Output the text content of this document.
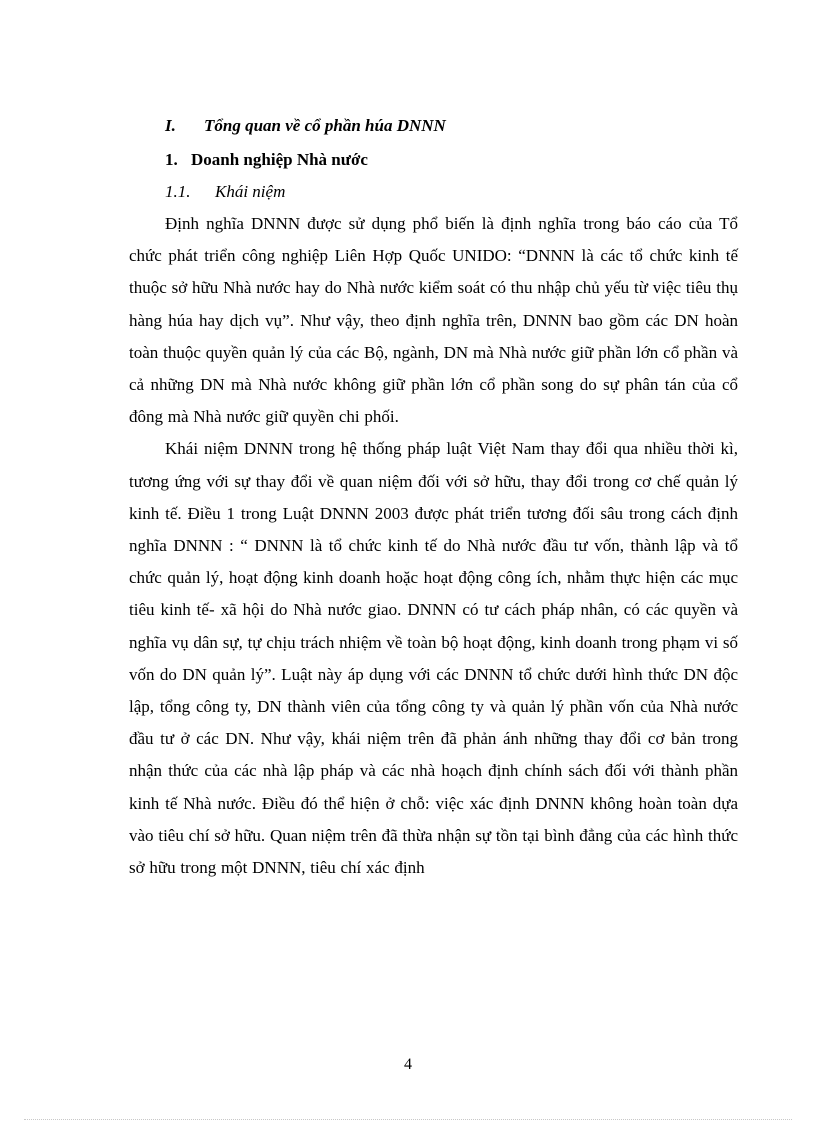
I. Tổng quan về cổ phần húa DNNN
1. Doanh nghiệp Nhà nước
1.1. Khái niệm

Định nghĩa DNNN được sử dụng phổ biến là định nghĩa trong báo cáo của Tổ chức phát triển công nghiệp Liên Hợp Quốc UNIDO: “DNNN là các tổ chức kinh tế thuộc sở hữu Nhà nước hay do Nhà nước kiểm soát có thu nhập chủ yếu từ việc tiêu thụ hàng húa hay dịch vụ”. Như vậy, theo định nghĩa trên, DNNN bao gồm các DN hoàn toàn thuộc quyền quản lý của các Bộ, ngành, DN mà Nhà nước giữ phần lớn cổ phần và cả những DN mà Nhà nước không giữ phần lớn cổ phần song do sự phân tán của cổ đông mà Nhà nước giữ quyền chi phối.

Khái niệm DNNN trong hệ thống pháp luật Việt Nam thay đổi qua nhiều thời kì, tương ứng với sự thay đổi về quan niệm đối với sở hữu, thay đổi trong cơ chế quản lý kinh tế. Điều 1 trong Luật DNNN 2003 được phát triển tương đối sâu trong cách định nghĩa DNNN : “ DNNN là tổ chức kinh tế do Nhà nước đầu tư vốn, thành lập và tổ chức quản lý, hoạt động kinh doanh hoặc hoạt động công ích, nhằm thực hiện các mục tiêu kinh tế- xã hội do Nhà nước giao. DNNN có tư cách pháp nhân, có các quyền và nghĩa vụ dân sự, tự chịu trách nhiệm về toàn bộ hoạt động, kinh doanh trong phạm vi số vốn do DN quản lý”. Luật này áp dụng với các DNNN tổ chức dưới hình thức DN độc lập, tổng công ty, DN thành viên của tổng công ty và quản lý phần vốn của Nhà nước đầu tư ở các DN. Như vậy, khái niệm trên đã phản ánh những thay đổi cơ bản trong nhận thức của các nhà lập pháp và các nhà hoạch định chính sách đối với thành phần kinh tế Nhà nước. Điều đó thể hiện ở chỗ: việc xác định DNNN không hoàn toàn dựa vào tiêu chí sở hữu. Quan niệm trên đã thừa nhận sự tồn tại bình đẳng của các hình thức sở hữu trong một DNNN, tiêu chí xác định

4
